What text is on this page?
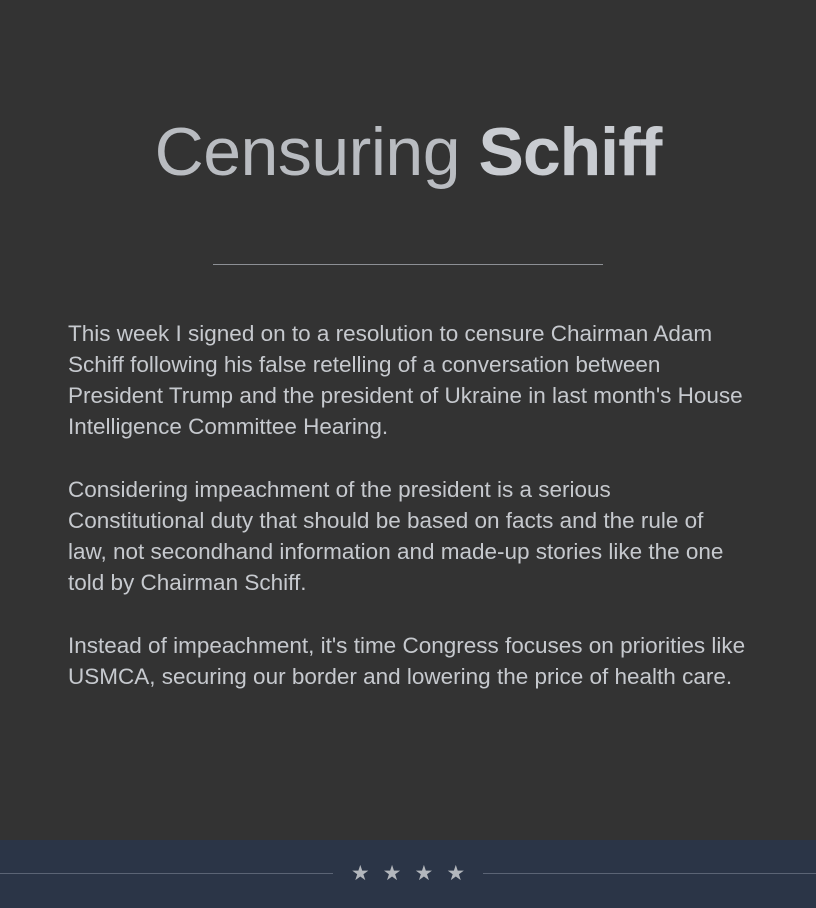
Censuring Schiff

This week I signed on to a resolution to censure Chairman Adam Schiff following his false retelling of a conversation between President Trump and the president of Ukraine in last month's House Intelligence Committee Hearing.

Considering impeachment of the president is a serious Constitutional duty that should be based on facts and the rule of law, not secondhand information and made-up stories like the one told by Chairman Schiff.

Instead of impeachment, it's time Congress focuses on priorities like USMCA, securing our border and lowering the price of health care.

★ ★ ★ ★
